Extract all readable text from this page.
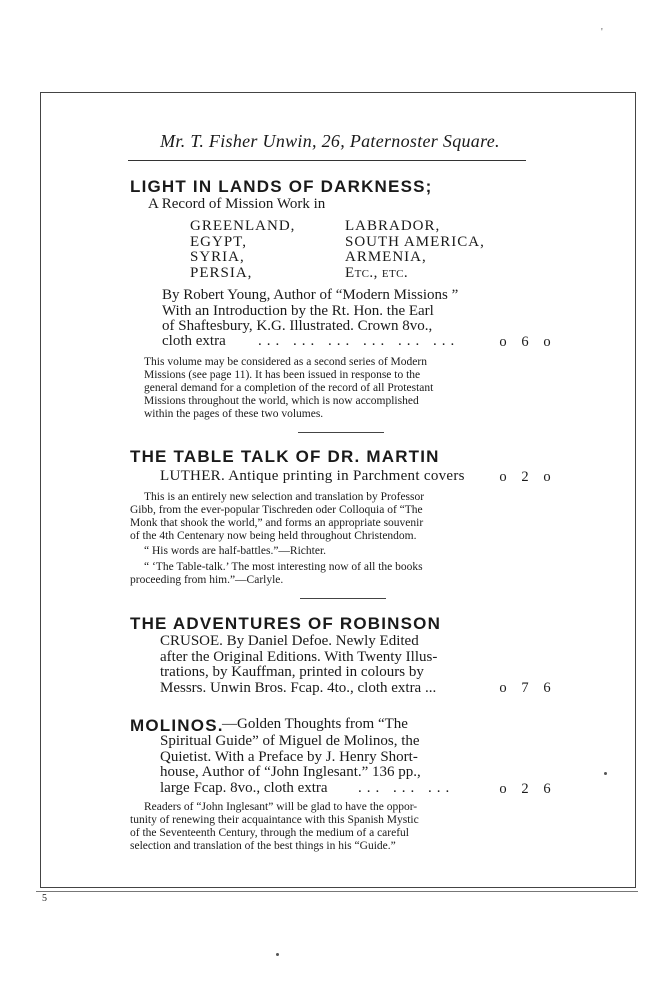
'
Mr. T. Fisher Unwin, 26, Paternoster Square.
LIGHT IN LANDS OF DARKNESS;
A Record of Mission Work in
GREENLAND,
EGYPT,
SYRIA,
PERSIA,
LABRADOR,
SOUTH AMERICA,
ARMENIA,
Etc., etc.
By Robert Young, Author of “Modern Missions ”
With an Introduction by the Rt. Hon. the Earl
of Shaftesbury, K.G. Illustrated. Crown 8vo.,
cloth extra ... ... ... ... ... ...	o 6 o
This volume may be considered as a second series of Modern
Missions (see page 11). It has been issued in response to the
general demand for a completion of the record of all Protestant
Missions throughout the world, which is now accomplished
within the pages of these two volumes.
THE TABLE TALK OF DR. MARTIN
LUTHER. Antique printing in Parchment covers	o 2 o
This is an entirely new selection and translation by Professor
Gibb, from the ever-popular Tischreden oder Colloquia of “The
Monk that shook the world,” and forms an appropriate souvenir
of the 4th Centenary now being held throughout Christendom.
“ His words are half-battles.”—Richter.
“ ‘The Table-talk.’ The most interesting now of all the books
proceeding from him.”—Carlyle.
THE ADVENTURES OF ROBINSON
CRUSOE. By Daniel Defoe. Newly Edited
after the Original Editions. With Twenty Illus-
trations, by Kauffman, printed in colours by
Messrs. Unwin Bros. Fcap. 4to., cloth extra ...	o 7 6
MOLINOS.
—Golden Thoughts from “The
Spiritual Guide” of Miguel de Molinos, the
Quietist. With a Preface by J. Henry Short-
house, Author of “John Inglesant.” 136 pp.,
large Fcap. 8vo., cloth extra ... ... ...	o 2 6
Readers of “John Inglesant” will be glad to have the oppor-
tunity of renewing their acquaintance with this Spanish Mystic
of the Seventeenth Century, through the medium of a careful
selection and translation of the best things in his “Guide.”
5
